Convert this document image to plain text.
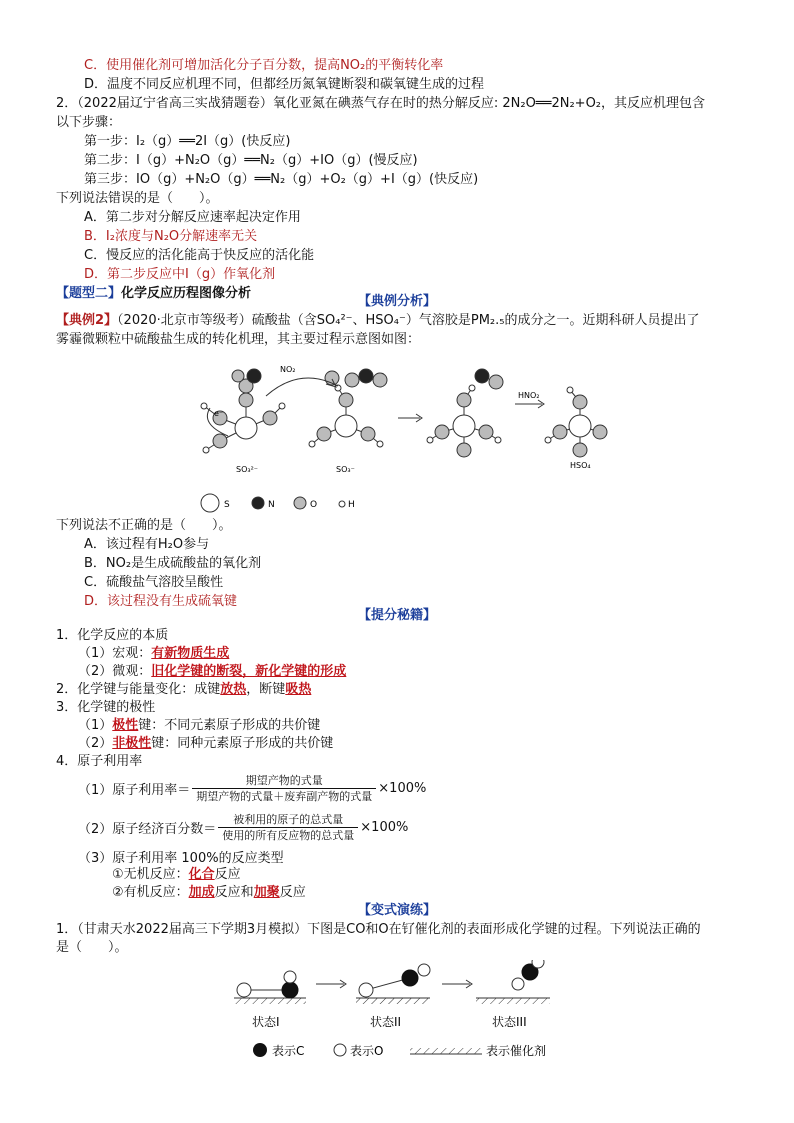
C．使用催化剂可增加活化分子百分数，提高NO₂的平衡转化率
D．温度不同反应机理不同，但都经历氮氧键断裂和碳氧键生成的过程
2．（2022届辽宁省高三实战猜题卷）氧化亚氮在碘蒸气存在时的热分解反应: 2N₂O══2N₂+O₂，其反应机理包含
以下步骤：
第一步：I₂（g）══2I（g）(快反应)
第二步：I（g）+N₂O（g）══N₂（g）+IO（g）(慢反应)
第三步：IO（g）+N₂O（g）══N₂（g）+O₂（g）+I（g）(快反应)
下列说法错误的是（　　）。
A．第二步对分解反应速率起决定作用
B．I₂浓度与N₂O分解速率无关
C．慢反应的活化能高于快反应的活化能
D．第二步反应中I（g）作氧化剂
【题型二】化学反应历程图像分析
【典例分析】
【典例2】（2020·北京市等级考）硫酸盐（含SO₄²⁻、HSO₄⁻）气溶胶是PM₂.₅的成分之一。近期科研人员提出了
雾霾微颗粒中硫酸盐生成的转化机理，其主要过程示意图如图：
NO₂
e⁻
HNO₂
SO₃²⁻	SO₃⁻	HSO₄
S	N	O	H
下列说法不正确的是（　　）。
A．该过程有H₂O参与
B．NO₂是生成硫酸盐的氧化剂
C．硫酸盐气溶胶呈酸性
D．该过程没有生成硫氧键
【提分秘籍】
1．化学反应的本质
（1）宏观：有新物质生成
（2）微观：旧化学键的断裂，新化学键的形成
2．化学键与能量变化：成键放热，断键吸热
3．化学键的极性
（1）极性键：不同元素原子形成的共价键
（2）非极性键：同种元素原子形成的共价键
4．原子利用率
（1）原子利用率＝ $\frac{\text{期望产物的式量}}{\text{期望产物的式量＋废弃副产物的式量}} \times 100\%$
（2）原子经济百分数＝ $\frac{\text{被利用的原子的总式量}}{\text{使用的所有反应物的总式量}} \times 100\%$
（3）原子利用率 100%的反应类型
①无机反应：化合反应
②有机反应：加成反应和加聚反应
【变式演练】
1．（甘肃天水2022届高三下学期3月模拟）下图是CO和O在钌催化剂的表面形成化学键的过程。下列说法正确的
是（　　）。
状态I	状态II	状态III
表示C	表示O	表示催化剂
